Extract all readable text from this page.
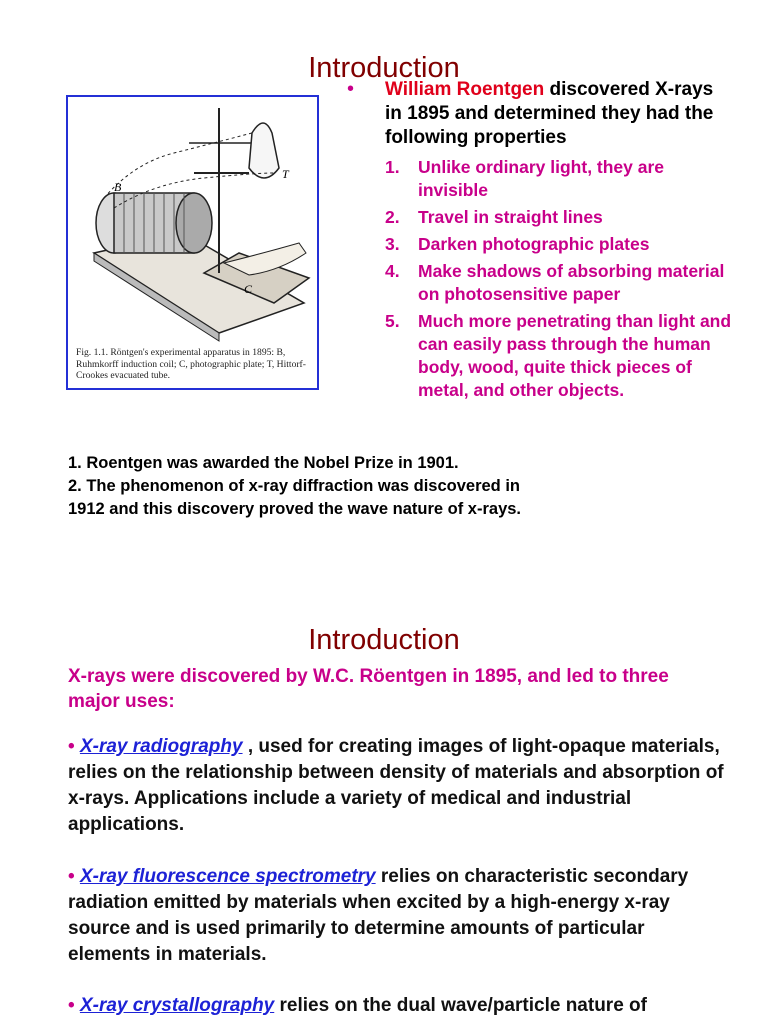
Introduction
B
T
C
Fig. 1.1. Röntgen's experimental apparatus in 1895: B, Ruhmkorff induction coil; C, photographic plate; T, Hittorf-Crookes evacuated tube.
• William Roentgen discovered X-rays in 1895 and determined they had the following properties

1. Unlike ordinary light, they are invisible
2. Travel in straight lines
3. Darken photographic plates
4. Make shadows of absorbing material on photosensitive paper
5. Much more penetrating than light and can easily pass through the human body, wood, quite thick pieces of metal, and other objects.
1. Roentgen was awarded the Nobel Prize in 1901.
2. The phenomenon of x-ray diffraction was discovered in 1912 and this discovery proved the wave nature of x-rays.
Introduction
X-rays were discovered by W.C. Röentgen in 1895, and led to three major uses:
• X-ray radiography , used for creating images of light-opaque materials, relies on the relationship between density of materials and absorption of x-rays. Applications include a variety of medical and industrial applications.
• X-ray fluorescence spectrometry relies on characteristic secondary radiation emitted by materials when excited by a high-energy x-ray source and is used primarily to determine amounts of particular elements in materials.
• X-ray crystallography relies on the dual wave/particle nature of
